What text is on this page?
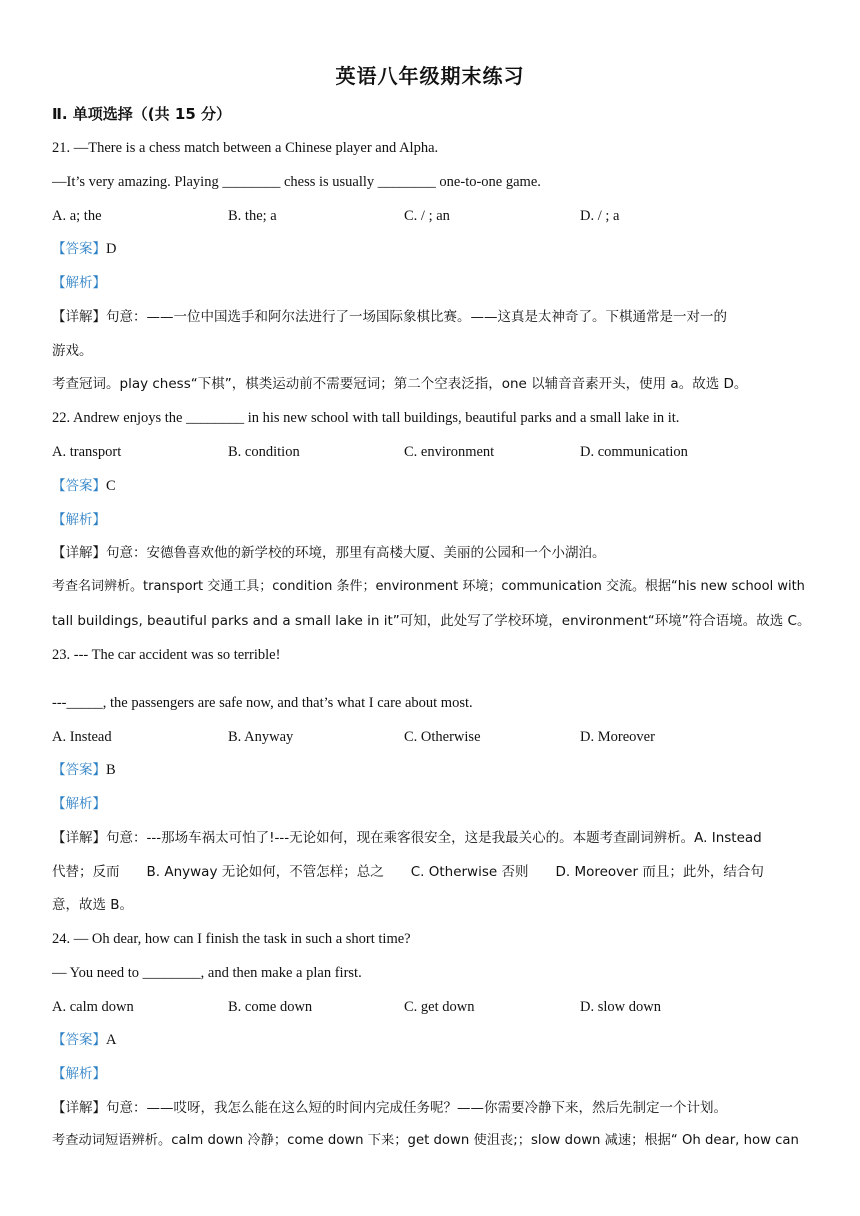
英语八年级期末练习
Ⅱ. 单项选择（(共 15 分）
21. —There is a chess match between a Chinese player and Alpha.
—It’s very amazing. Playing ________ chess is usually ________ one-to-one game.
A. a; the	B. the; a	C. / ; an	D. / ; a
【答案】D
【解析】
【详解】句意：——一位中国选手和阿尔法进行了一场国际象棋比赛。——这真是太神奇了。下棋通常是一对一的
游戏。
考查冠词。play chess“下棋”，棋类运动前不需要冠词；第二个空表泛指，one 以辅音音素开头，使用 a。故选 D。
22. Andrew enjoys the ________ in his new school with tall buildings, beautiful parks and a small lake in it.
A. transport	B. condition	C. environment	D. communication
【答案】C
【解析】
【详解】句意：安德鲁喜欢他的新学校的环境，那里有高楼大厦、美丽的公园和一个小湖泊。
考查名词辨析。transport 交通工具；condition 条件；environment 环境；communication 交流。根据“his new school with
tall buildings, beautiful parks and a small lake in it”可知，此处写了学校环境，environment“环境”符合语境。故选 C。
23. --- The car accident was so terrible!
---_____, the passengers are safe now, and that’s what I care about most.
A. Instead	B. Anyway	C. Otherwise	D. Moreover
【答案】B
【解析】
【详解】句意：---那场车祸太可怕了!---无论如何，现在乘客很安全，这是我最关心的。本题考查副词辨析。A. Instead
代替；反而　　B. Anyway 无论如何，不管怎样；总之　　C. Otherwise 否则　　D. Moreover 而且；此外，结合句
意，故选 B。
24. — Oh dear, how can I finish the task in such a short time?
— You need to ________, and then make a plan first.
A. calm down	B. come down	C. get down	D. slow down
【答案】A
【解析】
【详解】句意：——哎呀，我怎么能在这么短的时间内完成任务呢？——你需要冷静下来，然后先制定一个计划。
考查动词短语辨析。calm down 冷静；come down 下来；get down 使沮丧;；slow down 减速；根据“ Oh dear, how can
